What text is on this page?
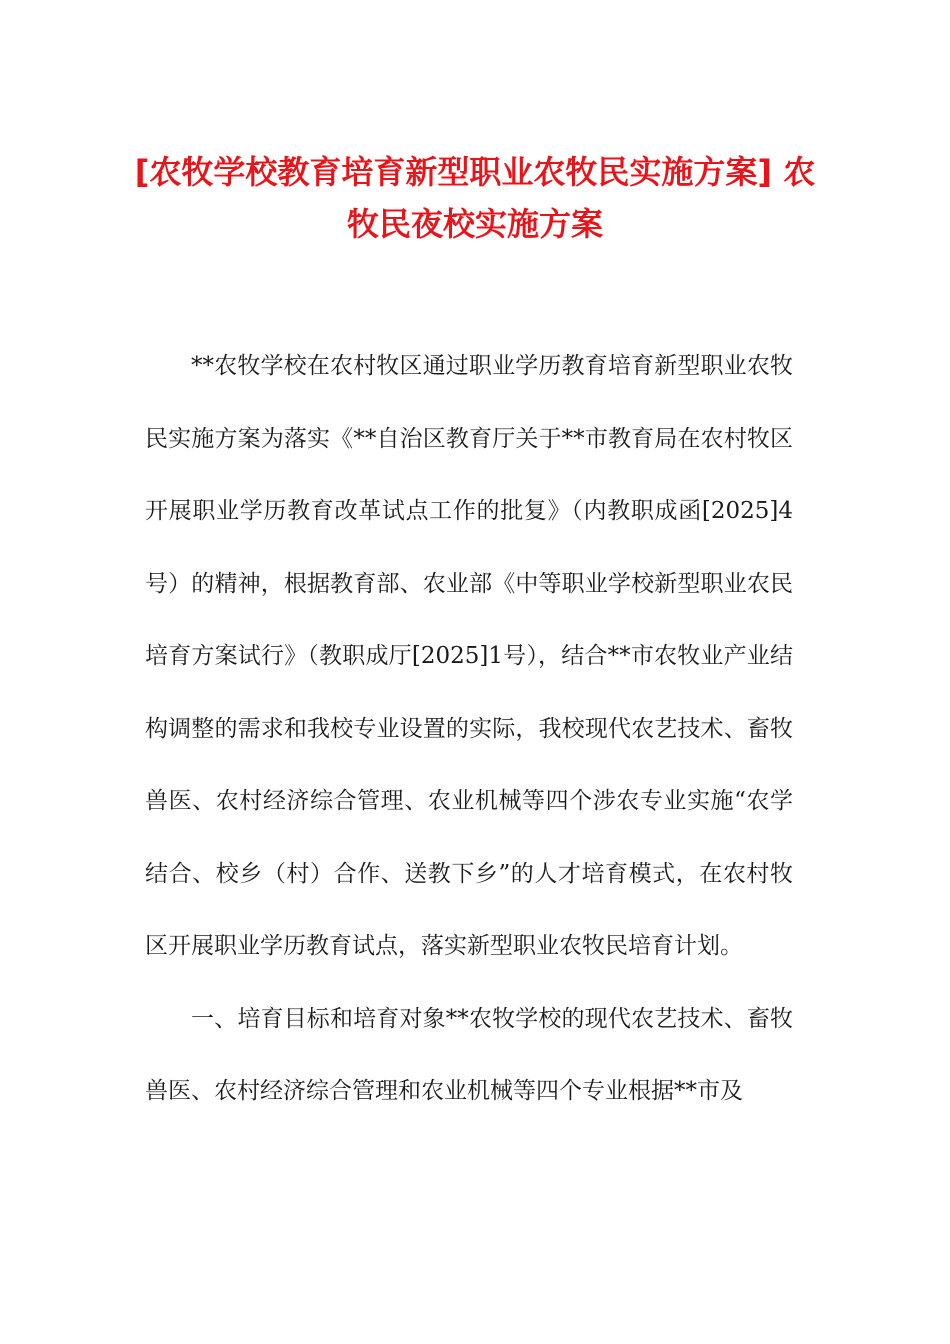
[农牧学校教育培育新型职业农牧民实施方案] 农牧民夜校实施方案

**农牧学校在农村牧区通过职业学历教育培育新型职业农牧民实施方案为落实《**自治区教育厅关于**市教育局在农村牧区开展职业学历教育改革试点工作的批复》（内教职成函[2025]4号）的精神，根据教育部、农业部《中等职业学校新型职业农民培育方案试行》（教职成厅[2025]1号），结合**市农牧业产业结构调整的需求和我校专业设置的实际，我校现代农艺技术、畜牧兽医、农村经济综合管理、农业机械等四个涉农专业实施“农学结合、校乡（村）合作、送教下乡”的人才培育模式，在农村牧区开展职业学历教育试点，落实新型职业农牧民培育计划。

一、培育目标和培育对象**农牧学校的现代农艺技术、畜牧兽医、农村经济综合管理和农业机械等四个专业根据**市及
